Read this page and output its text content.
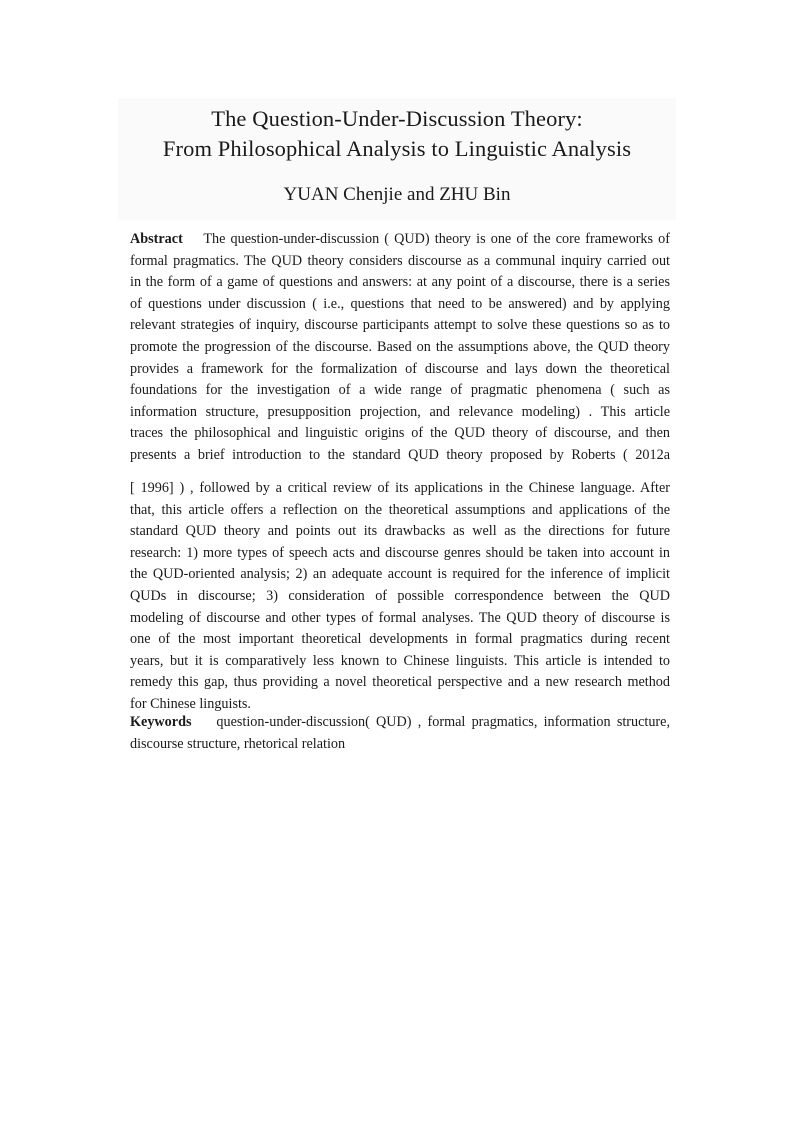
The Question-Under-Discussion Theory:
From Philosophical Analysis to Linguistic Analysis
YUAN Chenjie and ZHU Bin
Abstract The question-under-discussion ( QUD) theory is one of the core frameworks of
formal pragmatics. The QUD theory considers discourse as a communal inquiry carried out
in the form of a game of questions and answers: at any point of a discourse, there is a series
of questions under discussion ( i.e., questions that need to be answered) and by applying
relevant strategies of inquiry, discourse participants attempt to solve these questions so as to
promote the progression of the discourse. Based on the assumptions above, the QUD theory
provides a framework for the formalization of discourse and lays down the theoretical
foundations for the investigation of a wide range of pragmatic phenomena ( such as
information structure, presupposition projection, and relevance modeling) . This article
traces the philosophical and linguistic origins of the QUD theory of discourse, and then
presents a brief introduction to the standard QUD theory proposed by Roberts ( 2012a
[ 1996] ) , followed by a critical review of its applications in the Chinese language. After
that, this article offers a reflection on the theoretical assumptions and applications of the
standard QUD theory and points out its drawbacks as well as the directions for future
research: 1) more types of speech acts and discourse genres should be taken into account in
the QUD-oriented analysis; 2) an adequate account is required for the inference of implicit
QUDs in discourse; 3) consideration of possible correspondence between the QUD
modeling of discourse and other types of formal analyses. The QUD theory of discourse is
one of the most important theoretical developments in formal pragmatics during recent
years, but it is comparatively less known to Chinese linguists. This article is intended to
remedy this gap, thus providing a novel theoretical perspective and a new research method
for Chinese linguists.
Keywords question-under-discussion( QUD) , formal pragmatics, information structure,
discourse structure, rhetorical relation
